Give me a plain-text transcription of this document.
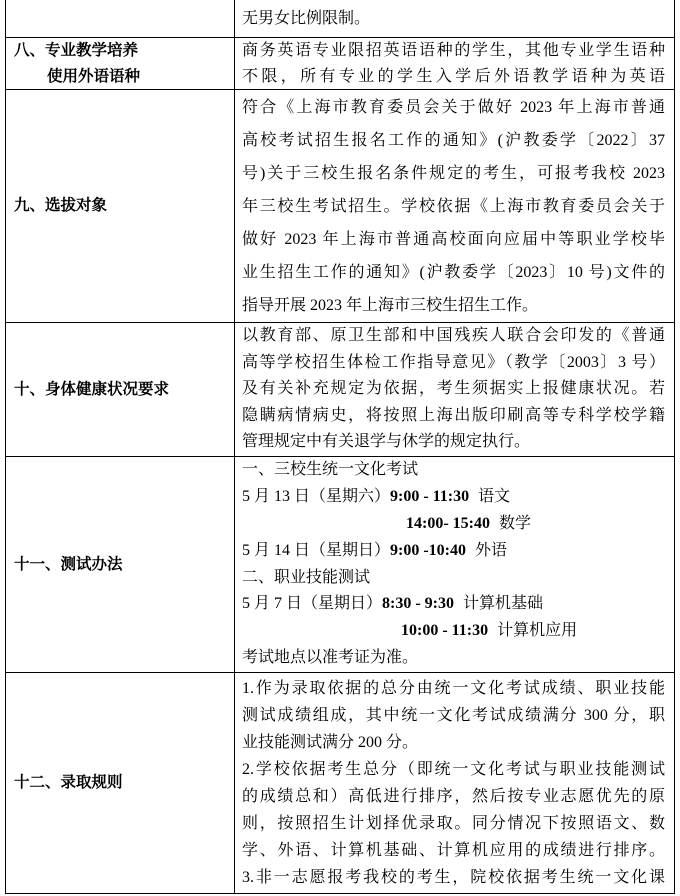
无男女比例限制。
八、专业教学培养
使用外语语种
商务英语专业限招英语语种的学生，其他专业学生语种
不限，所有专业的学生入学后外语教学语种为英语
九、选拔对象
符合《上海市教育委员会关于做好 2023 年上海市普通
高校考试招生报名工作的通知》(沪教委学〔2022〕37
号)关于三校生报名条件规定的考生，可报考我校 2023
年三校生考试招生。学校依据《上海市教育委员会关于
做好 2023 年上海市普通高校面向应届中等职业学校毕
业生招生工作的通知》(沪教委学〔2023〕10 号)文件的
指导开展 2023 年上海市三校生招生工作。
十、身体健康状况要求
以教育部、原卫生部和中国残疾人联合会印发的《普通
高等学校招生体检工作指导意见》（教学〔2003〕3 号）
及有关补充规定为依据，考生须据实上报健康状况。若
隐瞒病情病史，将按照上海出版印刷高等专科学校学籍
管理规定中有关退学与休学的规定执行。
十一、测试办法
一、三校生统一文化考试
5 月 13 日（星期六）9:00 - 11:30 语文
14:00- 15:40 数学
5 月 14 日（星期日）9:00 -10:40 外语
二、职业技能测试
5 月 7 日（星期日）8:30 - 9:30 计算机基础
10:00 - 11:30 计算机应用
考试地点以准考证为准。
十二、录取规则
1.作为录取依据的总分由统一文化考试成绩、职业技能
测试成绩组成，其中统一文化考试成绩满分 300 分，职
业技能测试满分 200 分。
2.学校依据考生总分（即统一文化考试与职业技能测试
的成绩总和）高低进行排序，然后按专业志愿优先的原
则，按照招生计划择优录取。同分情况下按照语文、数
学、外语、计算机基础、计算机应用的成绩进行排序。
3.非一志愿报考我校的考生，院校依据考生统一文化课
